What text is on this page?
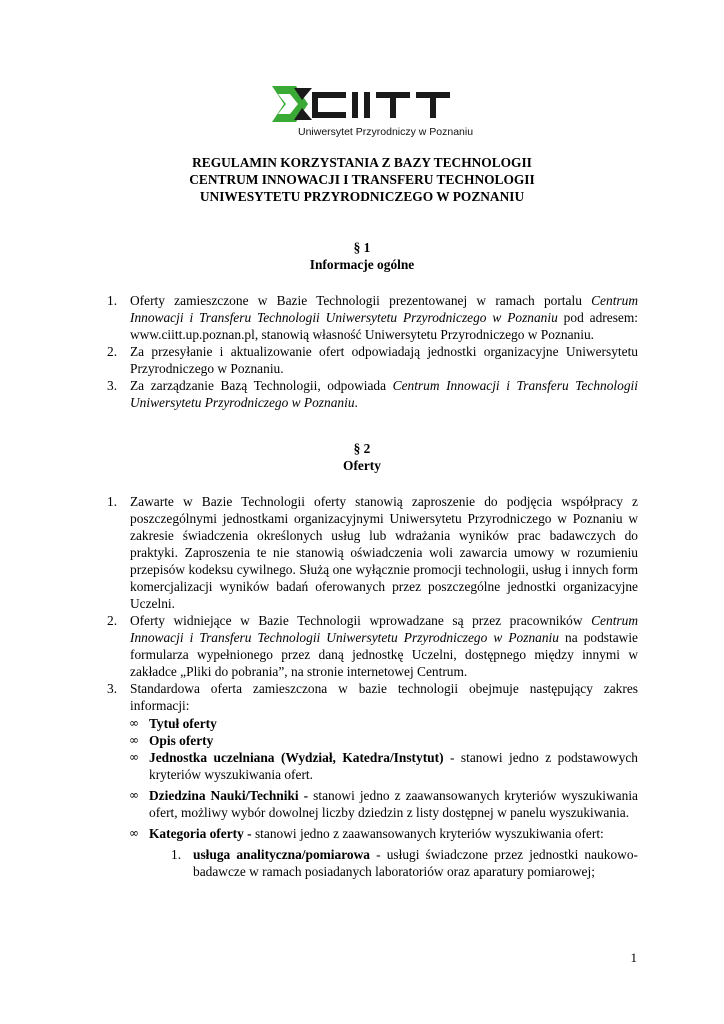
Uniwersytet Przyrodniczy w Poznaniu
REGULAMIN KORZYSTANIA Z BAZY TECHNOLOGII
CENTRUM INNOWACJI I TRANSFERU TECHNOLOGII
UNIWESYTETU PRZYRODNICZEGO W POZNANIU
§ 1
Informacje ogólne
1. Oferty zamieszczone w Bazie Technologii prezentowanej w ramach portalu Centrum Innowacji i Transferu Technologii Uniwersytetu Przyrodniczego w Poznaniu pod adresem: www.ciitt.up.poznan.pl, stanowią własność Uniwersytetu Przyrodniczego w Poznaniu.

2. Za przesyłanie i aktualizowanie ofert odpowiadają jednostki organizacyjne Uniwersytetu Przyrodniczego w Poznaniu.

3. Za zarządzanie Bazą Technologii, odpowiada Centrum Innowacji i Transferu Technologii Uniwersytetu Przyrodniczego w Poznaniu.

§ 2
Oferty
1. Zawarte w Bazie Technologii oferty stanowią zaproszenie do podjęcia współpracy z poszczególnymi jednostkami organizacyjnymi Uniwersytetu Przyrodniczego w Poznaniu w zakresie świadczenia określonych usług lub wdrażania wyników prac badawczych do praktyki. Zaproszenia te nie stanowią oświadczenia woli zawarcia umowy w rozumieniu przepisów kodeksu cywilnego. Służą one wyłącznie promocji technologii, usług i innych form komercjalizacji wyników badań oferowanych przez poszczególne jednostki organizacyjne Uczelni.

2. Oferty widniejące w Bazie Technologii wprowadzane są przez pracowników Centrum Innowacji i Transferu Technologii Uniwersytetu Przyrodniczego w Poznaniu na podstawie formularza wypełnionego przez daną jednostkę Uczelni, dostępnego między innymi w zakładce „Pliki do pobrania”, na stronie internetowej Centrum.

3. Standardowa oferta zamieszczona w bazie technologii obejmuje następujący zakres informacji:

∞ Tytuł oferty
∞ Opis oferty
∞ Jednostka uczelniana (Wydział, Katedra/Instytut) - stanowi jedno z podstawowych kryteriów wyszukiwania ofert.
∞ Dziedzina Nauki/Techniki - stanowi jedno z zaawansowanych kryteriów wyszukiwania ofert, możliwy wybór dowolnej liczby dziedzin z listy dostępnej w panelu wyszukiwania.
∞ Kategoria oferty - stanowi jedno z zaawansowanych kryteriów wyszukiwania ofert:
1. usługa analityczna/pomiarowa - usługi świadczone przez jednostki naukowo-badawcze w ramach posiadanych laboratoriów oraz aparatury pomiarowej;
1
